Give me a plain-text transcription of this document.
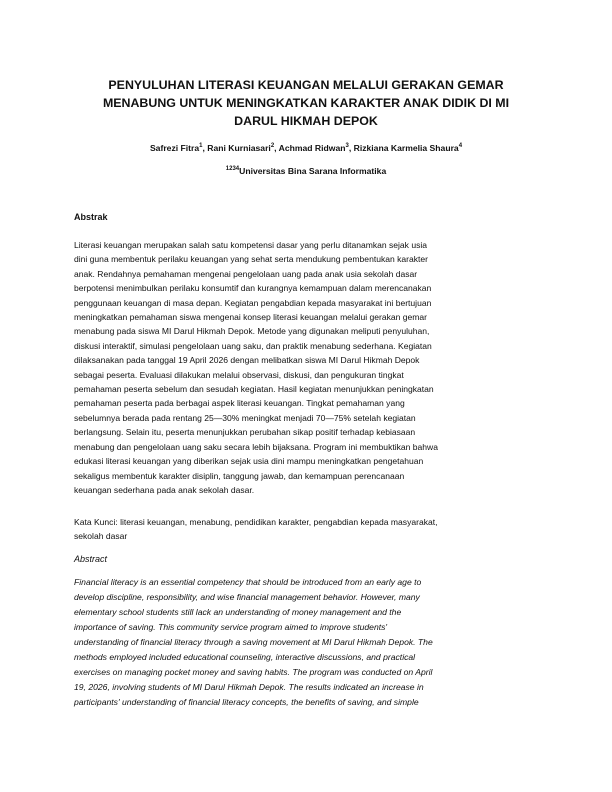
PENYULUHAN LITERASI KEUANGAN MELALUI GERAKAN GEMAR
MENABUNG UNTUK MENINGKATKAN KARAKTER ANAK DIDIK DI MI
DARUL HIKMAH DEPOK
Safrezi Fitra$^1$, Rani Kurniasari$^2$, Achmad Ridwan$^3$, Rizkiana Karmelia Shaura$^4$
$^{1234}$Universitas Bina Sarana Informatika
Abstrak
Literasi keuangan merupakan salah satu kompetensi dasar yang perlu ditanamkan sejak usia
dini guna membentuk perilaku keuangan yang sehat serta mendukung pembentukan karakter
anak. Rendahnya pemahaman mengenai pengelolaan uang pada anak usia sekolah dasar
berpotensi menimbulkan perilaku konsumtif dan kurangnya kemampuan dalam merencanakan
penggunaan keuangan di masa depan. Kegiatan pengabdian kepada masyarakat ini bertujuan
meningkatkan pemahaman siswa mengenai konsep literasi keuangan melalui gerakan gemar
menabung pada siswa MI Darul Hikmah Depok. Metode yang digunakan meliputi penyuluhan,
diskusi interaktif, simulasi pengelolaan uang saku, dan praktik menabung sederhana. Kegiatan
dilaksanakan pada tanggal 19 April 2026 dengan melibatkan siswa MI Darul Hikmah Depok
sebagai peserta. Evaluasi dilakukan melalui observasi, diskusi, dan pengukuran tingkat
pemahaman peserta sebelum dan sesudah kegiatan. Hasil kegiatan menunjukkan peningkatan
pemahaman peserta pada berbagai aspek literasi keuangan. Tingkat pemahaman yang
sebelumnya berada pada rentang 25—30% meningkat menjadi 70—75% setelah kegiatan
berlangsung. Selain itu, peserta menunjukkan perubahan sikap positif terhadap kebiasaan
menabung dan pengelolaan uang saku secara lebih bijaksana. Program ini membuktikan bahwa
edukasi literasi keuangan yang diberikan sejak usia dini mampu meningkatkan pengetahuan
sekaligus membentuk karakter disiplin, tanggung jawab, dan kemampuan perencanaan
keuangan sederhana pada anak sekolah dasar.
Kata Kunci: literasi keuangan, menabung, pendidikan karakter, pengabdian kepada masyarakat,
sekolah dasar
Abstract
Financial literacy is an essential competency that should be introduced from an early age to
develop discipline, responsibility, and wise financial management behavior. However, many
elementary school students still lack an understanding of money management and the
importance of saving. This community service program aimed to improve students'
understanding of financial literacy through a saving movement at MI Darul Hikmah Depok. The
methods employed included educational counseling, interactive discussions, and practical
exercises on managing pocket money and saving habits. The program was conducted on April
19, 2026, involving students of MI Darul Hikmah Depok. The results indicated an increase in
participants' understanding of financial literacy concepts, the benefits of saving, and simple
